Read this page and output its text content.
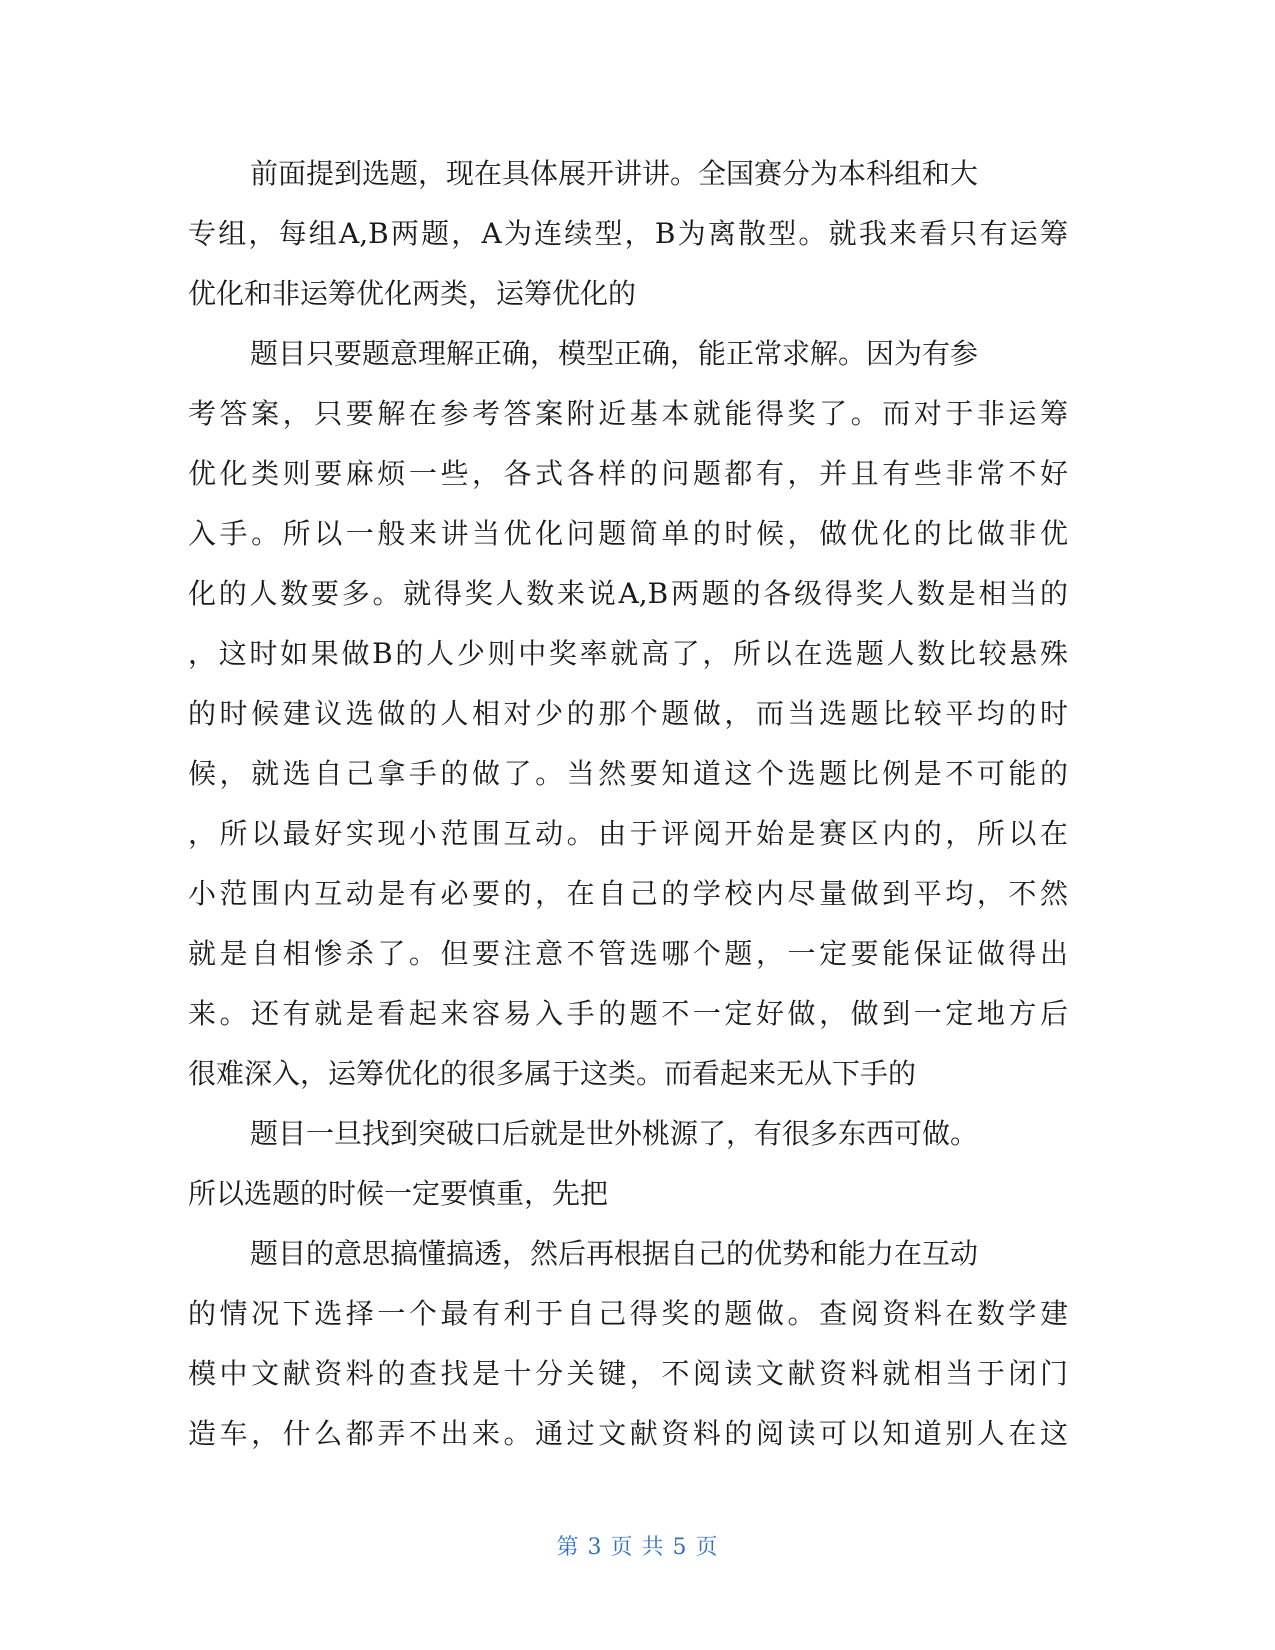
前面提到选题，现在具体展开讲讲。全国赛分为本科组和大
专组，每组A,B两题，A为连续型，B为离散型。就我来看只有运筹
优化和非运筹优化两类，运筹优化的
题目只要题意理解正确，模型正确，能正常求解。因为有参
考答案，只要解在参考答案附近基本就能得奖了。而对于非运筹
优化类则要麻烦一些，各式各样的问题都有，并且有些非常不好
入手。所以一般来讲当优化问题简单的时候，做优化的比做非优
化的人数要多。就得奖人数来说A,B两题的各级得奖人数是相当的
，这时如果做B的人少则中奖率就高了，所以在选题人数比较悬殊
的时候建议选做的人相对少的那个题做，而当选题比较平均的时
候，就选自己拿手的做了。当然要知道这个选题比例是不可能的
，所以最好实现小范围互动。由于评阅开始是赛区内的，所以在
小范围内互动是有必要的，在自己的学校内尽量做到平均，不然
就是自相惨杀了。但要注意不管选哪个题，一定要能保证做得出
来。还有就是看起来容易入手的题不一定好做，做到一定地方后
很难深入，运筹优化的很多属于这类。而看起来无从下手的
题目一旦找到突破口后就是世外桃源了，有很多东西可做。
所以选题的时候一定要慎重，先把
题目的意思搞懂搞透，然后再根据自己的优势和能力在互动
的情况下选择一个最有利于自己得奖的题做。查阅资料在数学建
模中文献资料的查找是十分关键，不阅读文献资料就相当于闭门
造车，什么都弄不出来。通过文献资料的阅读可以知道别人在这
第 3 页 共 5 页
